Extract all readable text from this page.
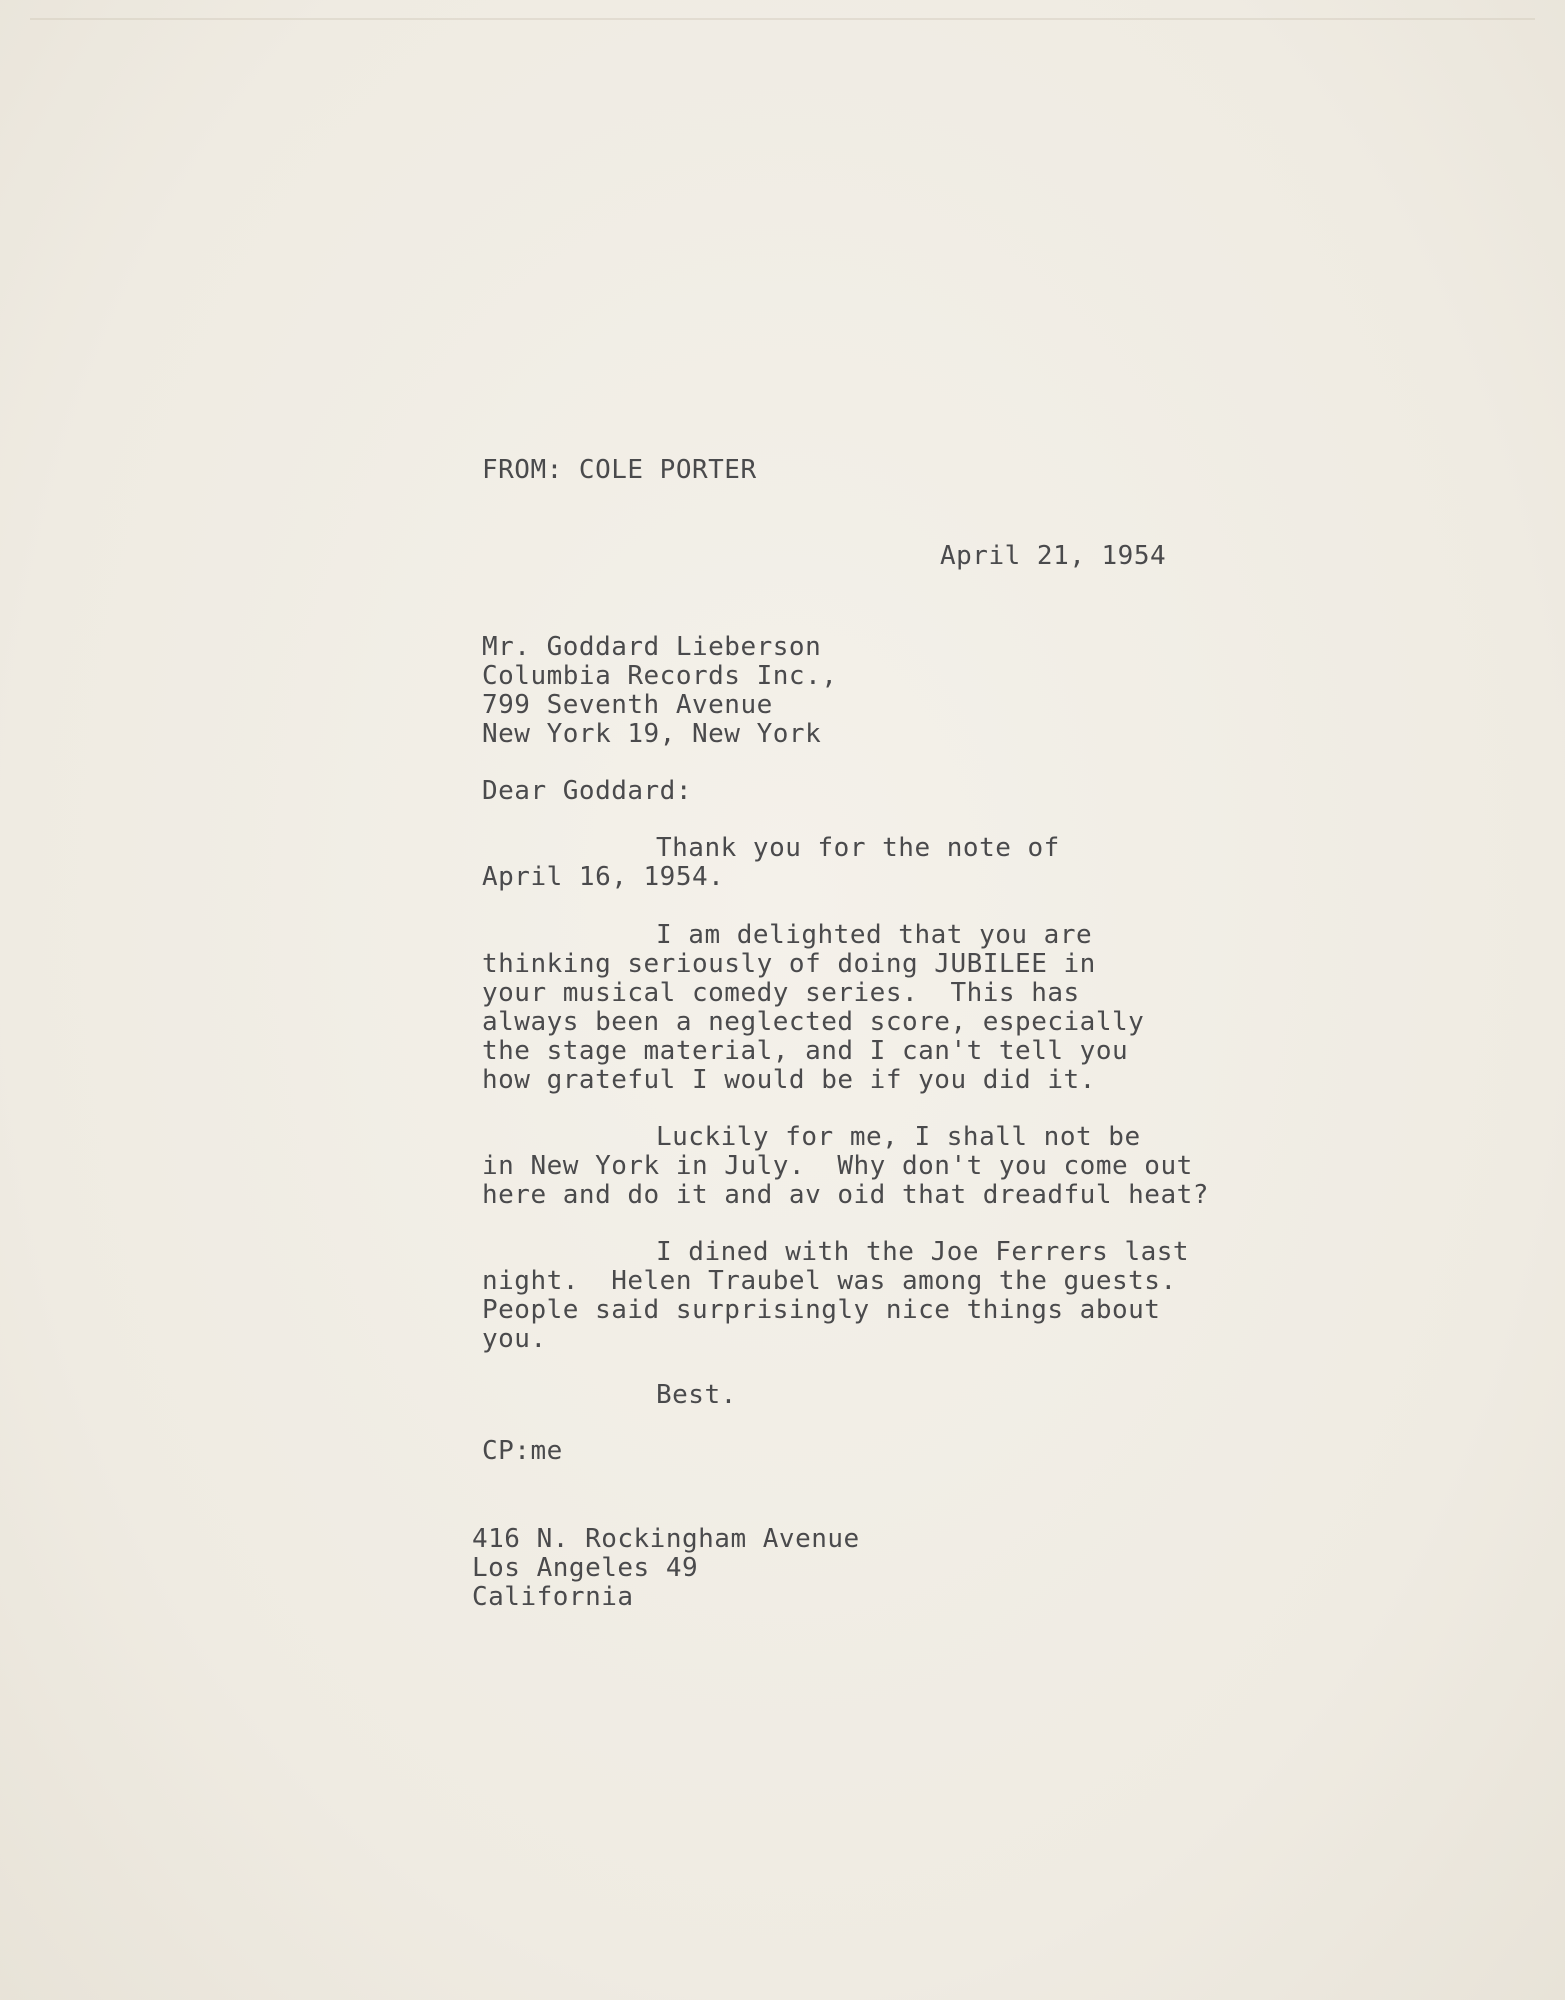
FROM: COLE PORTER

April 21, 1954

Mr. Goddard Lieberson

Columbia Records Inc.,

799 Seventh Avenue

New York 19, New York

Dear Goddard:

Thank you for the note of

April 16, 1954.

I am delighted that you are

thinking seriously of doing JUBILEE in

your musical comedy series.  This has

always been a neglected score, especially

the stage material, and I can't tell you

how grateful I would be if you did it.

Luckily for me, I shall not be

in New York in July.  Why don't you come out

here and do it and av oid that dreadful heat?

I dined with the Joe Ferrers last

night.  Helen Traubel was among the guests.

People said surprisingly nice things about

you.

Best.

CP:me

416 N. Rockingham Avenue

Los Angeles 49

California
